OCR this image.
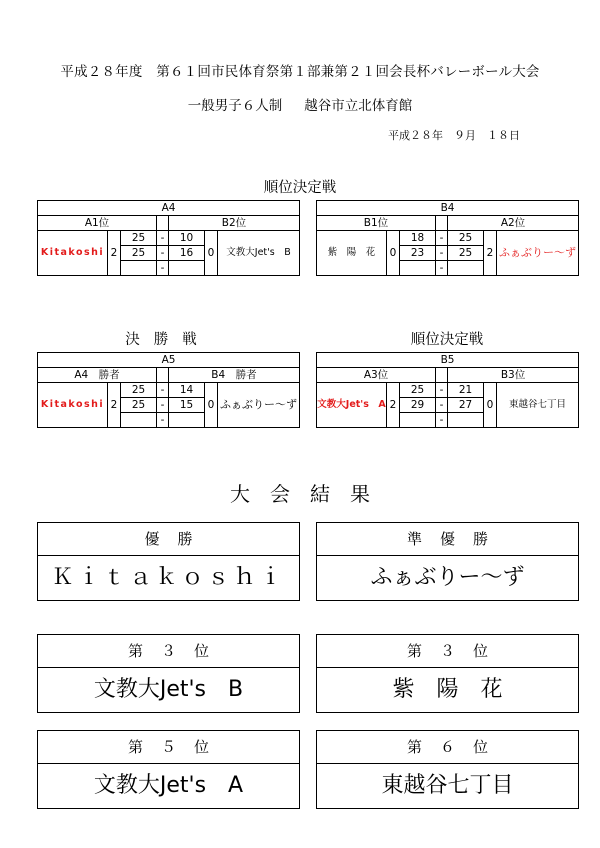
平成２８年度　第６１回市民体育祭第１部兼第２１回会長杯バレーボール大会
一般男子６人制 越谷市立北体育館
平成２８年　９月　１８日
順位決定戦
A4						
A1位				B2位		
Kitakoshi	2	25	-	10	0	文教大Jet's　B
		25	-	16		
			-			
B4						
B1位				A2位		
紫　陽　花	0	18	-	25	2	ふぁぶりー～ず
		23	-	25		
			-			
決勝戦	順位決定戦
A5						
A4　勝者				B4　勝者		
Kitakoshi	2	25	-	14	0	ふぁぶりー～ず
		25	-	15		
			-			
B5						
A3位				B3位		
文教大Jet's　A	2	25	-	21	0	東越谷七丁目
		29	-	27		
			-			
大会結果
優勝
Ｋｉｔａｋｏｓｈｉ
準優勝
ふぁぶりー～ず
第３位
文教大Jet's　B
第３位
紫　陽　花
第５位
文教大Jet's　A
第６位
東越谷七丁目
